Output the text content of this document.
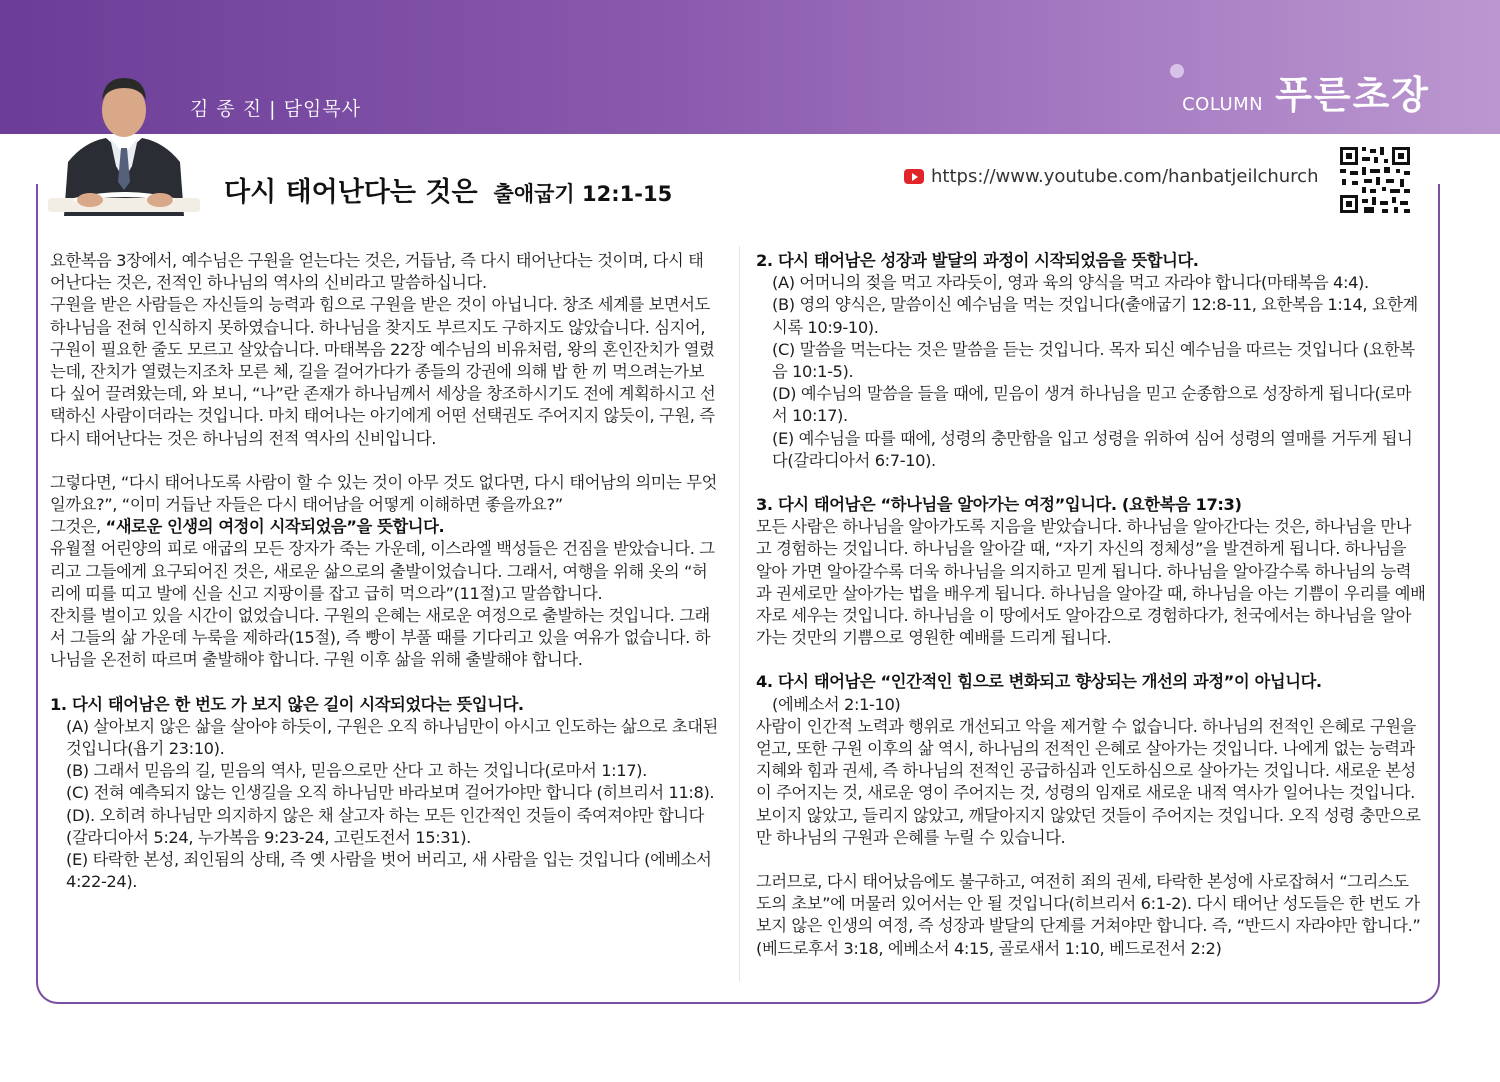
김 종 진 | 담임목사	COLUMN 푸른초장
다시 태어난다는 것은 출애굽기 12:1-15
https://www.youtube.com/hanbatjeilchurch

요한복음 3장에서, 예수님은 구원을 얻는다는 것은, 거듭남, 즉 다시 태어난다는 것이며, 다시 태어난다는 것은, 전적인 하나님의 역사의 신비라고 말씀하십니다.

구원을 받은 사람들은 자신들의 능력과 힘으로 구원을 받은 것이 아닙니다. 창조 세계를 보면서도 하나님을 전혀 인식하지 못하였습니다. 하나님을 찾지도 부르지도 구하지도 않았습니다. 심지어, 구원이 필요한 줄도 모르고 살았습니다. 마태복음 22장 예수님의 비유처럼, 왕의 혼인잔치가 열렸는데, 잔치가 열렸는지조차 모른 체, 길을 걸어가다가 종들의 강권에 의해 밥 한 끼 먹으려는가보다 싶어 끌려왔는데, 와 보니, “나”란 존재가 하나님께서 세상을 창조하시기도 전에 계획하시고 선택하신 사람이더라는 것입니다. 마치 태어나는 아기에게 어떤 선택권도 주어지지 않듯이, 구원, 즉 다시 태어난다는 것은 하나님의 전적 역사의 신비입니다.

그렇다면, “다시 태어나도록 사람이 할 수 있는 것이 아무 것도 없다면, 다시 태어남의 의미는 무엇일까요?”, “이미 거듭난 자들은 다시 태어남을 어떻게 이해하면 좋을까요?”

그것은, “새로운 인생의 여정이 시작되었음”을 뜻합니다.

유월절 어린양의 피로 애굽의 모든 장자가 죽는 가운데, 이스라엘 백성들은 건짐을 받았습니다. 그리고 그들에게 요구되어진 것은, 새로운 삶으로의 출발이었습니다. 그래서, 여행을 위해 옷의 “허리에 띠를 띠고 발에 신을 신고 지팡이를 잡고 급히 먹으라”(11절)고 말씀합니다.

잔치를 벌이고 있을 시간이 없었습니다. 구원의 은혜는 새로운 여정으로 출발하는 것입니다. 그래서 그들의 삶 가운데 누룩을 제하라(15절), 즉 빵이 부풀 때를 기다리고 있을 여유가 없습니다. 하나님을 온전히 따르며 출발해야 합니다. 구원 이후 삶을 위해 출발해야 합니다.

1. 다시 태어남은 한 번도 가 보지 않은 길이 시작되었다는 뜻입니다.

(A) 살아보지 않은 삶을 살아야 하듯이, 구원은 오직 하나님만이 아시고 인도하는 삶으로 초대된 것입니다(욥기 23:10).

(B) 그래서 믿음의 길, 믿음의 역사, 믿음으로만 산다 고 하는 것입니다(로마서 1:17).

(C) 전혀 예측되지 않는 인생길을 오직 하나님만 바라보며 걸어가야만 합니다 (히브리서 11:8).

(D). 오히려 하나님만 의지하지 않은 채 살고자 하는 모든 인간적인 것들이 죽여져야만 합니다(갈라디아서 5:24, 누가복음 9:23-24, 고린도전서 15:31).

(E) 타락한 본성, 죄인됨의 상태, 즉 옛 사람을 벗어 버리고, 새 사람을 입는 것입니다 (에베소서 4:22-24).

2. 다시 태어남은 성장과 발달의 과정이 시작되었음을 뜻합니다.

(A) 어머니의 젖을 먹고 자라듯이, 영과 육의 양식을 먹고 자라야 합니다(마태복음 4:4).

(B) 영의 양식은, 말씀이신 예수님을 먹는 것입니다(출애굽기 12:8-11, 요한복음 1:14, 요한계시록 10:9-10).

(C) 말씀을 먹는다는 것은 말씀을 듣는 것입니다. 목자 되신 예수님을 따르는 것입니다 (요한복음 10:1-5).

(D) 예수님의 말씀을 들을 때에, 믿음이 생겨 하나님을 믿고 순종함으로 성장하게 됩니다(로마서 10:17).

(E) 예수님을 따를 때에, 성령의 충만함을 입고 성령을 위하여 심어 성령의 열매를 거두게 됩니다(갈라디아서 6:7-10).

3. 다시 태어남은 “하나님을 알아가는 여정”입니다. (요한복음 17:3)

모든 사람은 하나님을 알아가도록 지음을 받았습니다. 하나님을 알아간다는 것은, 하나님을 만나고 경험하는 것입니다. 하나님을 알아갈 때, “자기 자신의 정체성”을 발견하게 됩니다. 하나님을 알아 가면 알아갈수록 더욱 하나님을 의지하고 믿게 됩니다. 하나님을 알아갈수록 하나님의 능력과 권세로만 살아가는 법을 배우게 됩니다. 하나님을 알아갈 때, 하나님을 아는 기쁨이 우리를 예배자로 세우는 것입니다. 하나님을 이 땅에서도 알아감으로 경험하다가, 천국에서는 하나님을 알아가는 것만의 기쁨으로 영원한 예배를 드리게 됩니다.

4. 다시 태어남은 “인간적인 힘으로 변화되고 향상되는 개선의 과정”이 아닙니다.

(에베소서 2:1-10)

사람이 인간적 노력과 행위로 개선되고 악을 제거할 수 없습니다. 하나님의 전적인 은혜로 구원을 얻고, 또한 구원 이후의 삶 역시, 하나님의 전적인 은혜로 살아가는 것입니다. 나에게 없는 능력과 지혜와 힘과 권세, 즉 하나님의 전적인 공급하심과 인도하심으로 살아가는 것입니다. 새로운 본성이 주어지는 것, 새로운 영이 주어지는 것, 성령의 임재로 새로운 내적 역사가 일어나는 것입니다. 보이지 않았고, 들리지 않았고, 깨달아지지 않았던 것들이 주어지는 것입니다. 오직 성령 충만으로만 하나님의 구원과 은혜를 누릴 수 있습니다.

그러므로, 다시 태어났음에도 불구하고, 여전히 죄의 권세, 타락한 본성에 사로잡혀서 “그리스도 도의 초보”에 머물러 있어서는 안 될 것입니다(히브리서 6:1-2). 다시 태어난 성도들은 한 번도 가보지 않은 인생의 여정, 즉 성장과 발달의 단계를 거쳐야만 합니다. 즉, “반드시 자라야만 합니다.” (베드로후서 3:18, 에베소서 4:15, 골로새서 1:10, 베드로전서 2:2)
